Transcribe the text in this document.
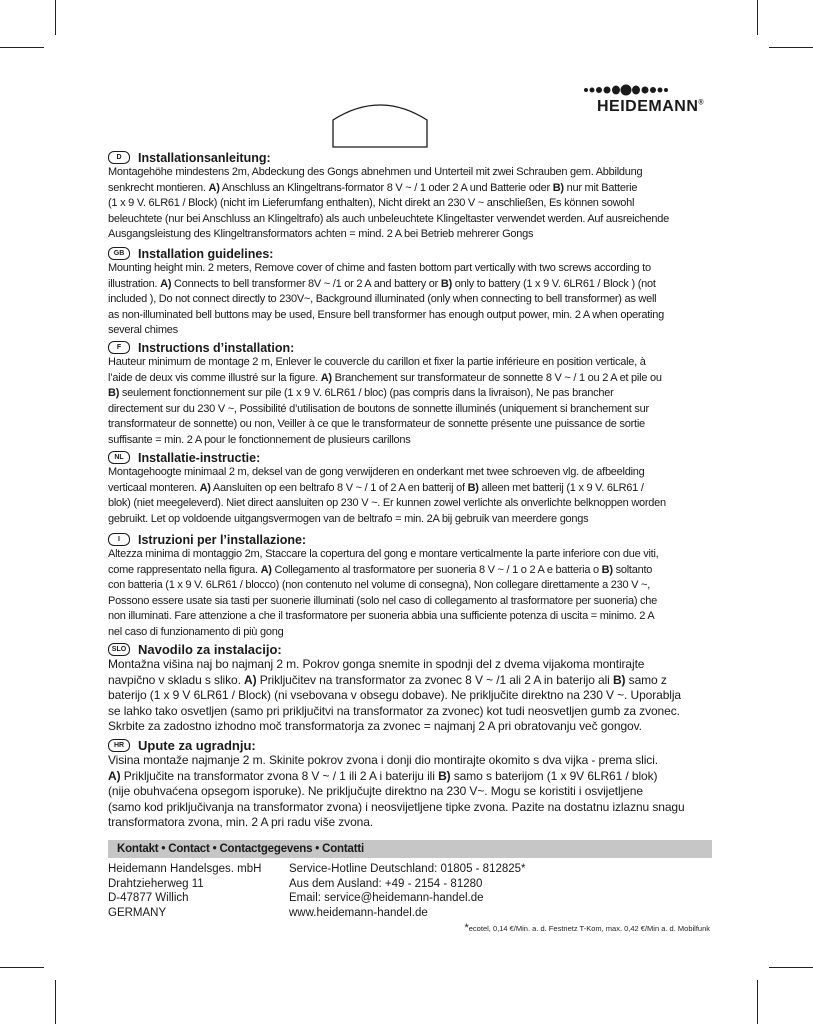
HEIDEMANN®
D	Installationsanleitung:
Montagehöhe mindestens 2m, Abdeckung des Gongs abnehmen und Unterteil mit zwei Schrauben gem. Abbildung
senkrecht montieren. A) Anschluss an Klingeltrans-formator 8 V ~ / 1 oder 2 A und Batterie oder B) nur mit Batterie
(1 x 9 V. 6LR61 / Block) (nicht im Lieferumfang enthalten), Nicht direkt an 230 V ~ anschließen, Es können sowohl
beleuchtete (nur bei Anschluss an Klingeltrafo) als auch unbeleuchtete Klingeltaster verwendet werden. Auf ausreichende
Ausgangsleistung des Klingeltransformators achten = mind. 2 A bei Betrieb mehrerer Gongs
GB	Installation guidelines:
Mounting height min. 2 meters, Remove cover of chime and fasten bottom part vertically with two screws according to
illustration. A) Connects to bell transformer 8V ~ /1 or 2 A and battery or B) only to battery (1 x 9 V. 6LR61 / Block ) (not
included ), Do not connect directly to 230V~, Background illuminated (only when connecting to bell transformer) as well
as non-illuminated bell buttons may be used, Ensure bell transformer has enough output power, min. 2 A when operating
several chimes
F	Instructions d’installation:
Hauteur minimum de montage 2 m, Enlever le couvercle du carillon et fixer la partie inférieure en position verticale, à
l’aide de deux vis comme illustré sur la figure. A) Branchement sur transformateur de sonnette 8 V ~ / 1 ou 2 A et pile ou
B) seulement fonctionnement sur pile (1 x 9 V. 6LR61 / bloc) (pas compris dans la livraison), Ne pas brancher
directement sur du 230 V ~, Possibilité d’utilisation de boutons de sonnette illuminés (uniquement si branchement sur
transformateur de sonnette) ou non, Veiller à ce que le transformateur de sonnette présente une puissance de sortie
suffisante = min. 2 A pour le fonctionnement de plusieurs carillons
NL	Installatie-instructie:
Montagehoogte minimaal 2 m, deksel van de gong verwijderen en onderkant met twee schroeven vlg. de afbeelding
verticaal monteren. A) Aansluiten op een beltrafo 8 V ~ / 1 of 2 A en batterij of B) alleen met batterij (1 x 9 V. 6LR61 /
blok) (niet meegeleverd). Niet direct aansluiten op 230 V ~. Er kunnen zowel verlichte als onverlichte belknoppen worden
gebruikt. Let op voldoende uitgangsvermogen van de beltrafo = min. 2A bij gebruik van meerdere gongs
I	Istruzioni per l’installazione:
Altezza minima di montaggio 2m, Staccare la copertura del gong e montare verticalmente la parte inferiore con due viti,
come rappresentato nella figura. A) Collegamento al trasformatore per suoneria 8 V ~ / 1 o 2 A e batteria o B) soltanto
con batteria (1 x 9 V. 6LR61 / blocco) (non contenuto nel volume di consegna), Non collegare direttamente a 230 V ~,
Possono essere usate sia tasti per suonerie illuminati (solo nel caso di collegamento al trasformatore per suoneria) che
non illuminati. Fare attenzione a che il trasformatore per suoneria abbia una sufficiente potenza di uscita = minimo. 2 A
nel caso di funzionamento di più gong
SLO Navodilo za instalacijo:
Montažna višina naj bo najmanj 2 m. Pokrov gonga snemite in spodnji del z dvema vijakoma montirajte
navpično v skladu s sliko. A) Priključitev na transformator za zvonec 8 V ~ /1 ali 2 A in baterijo ali B) samo z
baterijo (1 x 9 V 6LR61 / Block) (ni vsebovana v obsegu dobave). Ne priključite direktno na 230 V ~. Uporablja
se lahko tako osvetljen (samo pri priključitvi na transformator za zvonec) kot tudi neosvetljen gumb za zvonec.
Skrbite za zadostno izhodno moč transformatorja za zvonec = najmanj 2 A pri obratovanju več gongov.
HR	Upute za ugradnju:
Visina montaže najmanje 2 m. Skinite pokrov zvona i donji dio montirajte okomito s dva vijka - prema slici.
A) Priključite na transformator zvona 8 V ~ / 1 ili 2 A i bateriju ili B) samo s baterijom (1 x 9V 6LR61 / blok)
(nije obuhvaćena opsegom isporuke). Ne priključujte direktno na 230 V~. Mogu se koristiti i osvijetljene
(samo kod priključivanja na transformator zvona) i neosvijetljene tipke zvona. Pazite na dostatnu izlaznu snagu
transformatora zvona, min. 2 A pri radu više zvona.
Kontakt • Contact • Contactgegevens • Contatti
Heidemann Handelsges. mbH
Drahtzieherweg 11
D-47877 Willich
GERMANY
Service-Hotline Deutschland: 01805 - 812825*
Aus dem Ausland: +49 - 2154 - 81280
Email: service@heidemann-handel.de
www.heidemann-handel.de
*ecotel, 0,14 €/Min. a. d. Festnetz T-Kom, max. 0,42 €/Min a. d. Mobilfunk
